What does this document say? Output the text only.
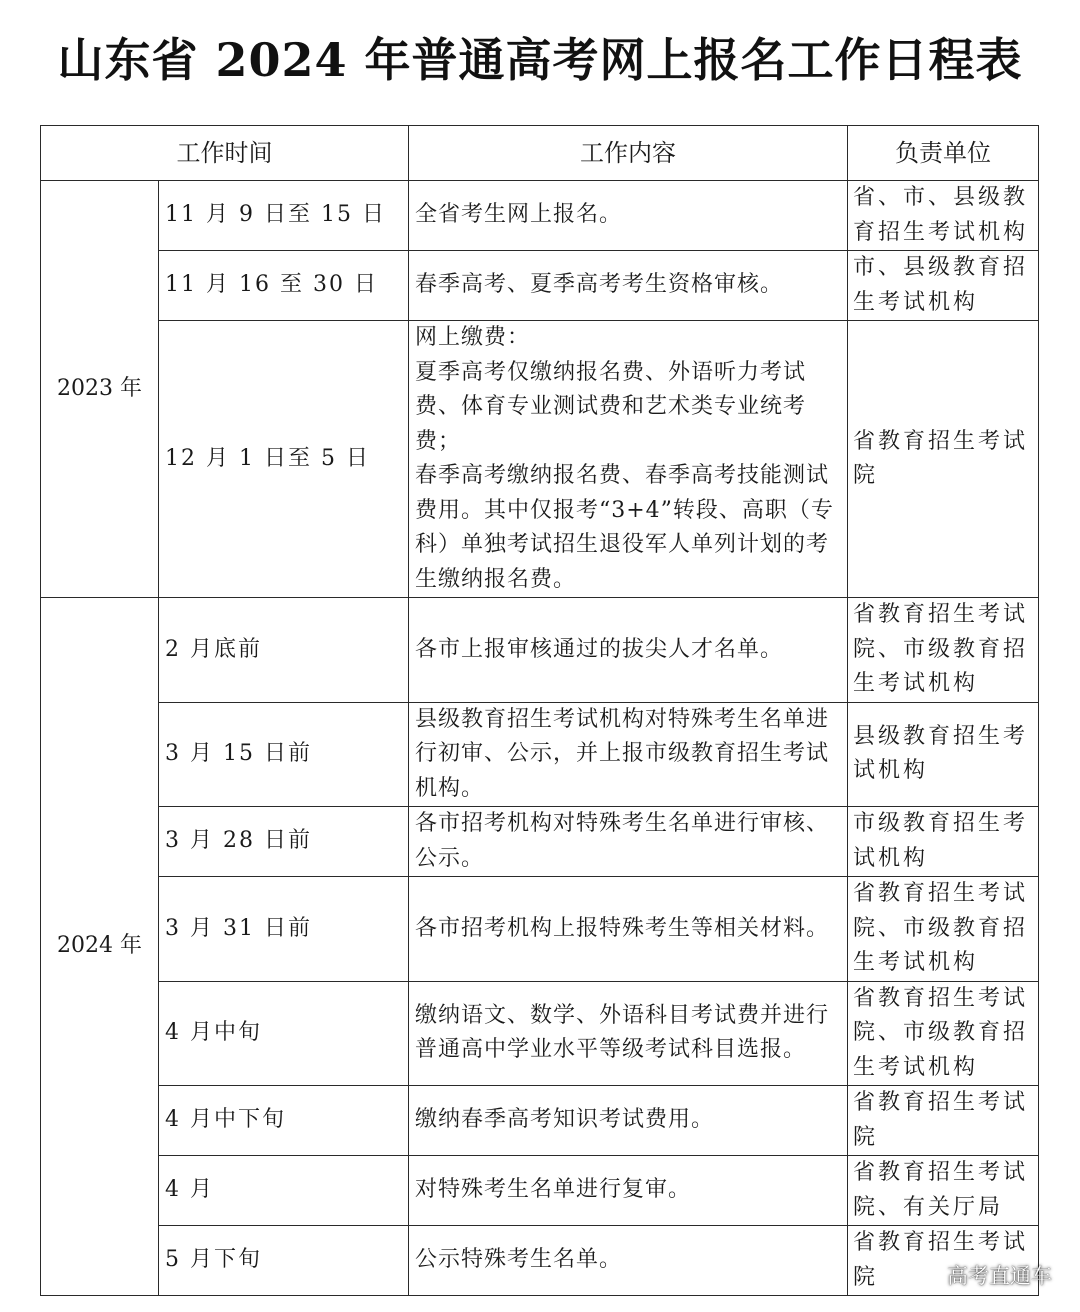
山东省 2024 年普通高考网上报名工作日程表
工作时间		工作内容	负责单位
2023 年	11 月 9 日至 15 日	全省考生网上报名。	省、市、县级教育招生考试机构
	11 月 16 至 30 日	春季高考、夏季高考考生资格审核。	市、县级教育招生考试机构
	12 月 1 日至 5 日	网上缴费：
夏季高考仅缴纳报名费、外语听力考试费、体育专业测试费和艺术类专业统考费；
春季高考缴纳报名费、春季高考技能测试费用。其中仅报考“3+4”转段、高职（专科）单独考试招生退役军人单列计划的考生缴纳报名费。	省教育招生考试院
2024 年	2 月底前	各市上报审核通过的拔尖人才名单。	省教育招生考试院、市级教育招生考试机构
	3 月 15 日前	县级教育招生考试机构对特殊考生名单进行初审、公示，并上报市级教育招生考试机构。	县级教育招生考试机构
	3 月 28 日前	各市招考机构对特殊考生名单进行审核、公示。	市级教育招生考试机构
	3 月 31 日前	各市招考机构上报特殊考生等相关材料。	省教育招生考试院、市级教育招生考试机构
	4 月中旬	缴纳语文、数学、外语科目考试费并进行普通高中学业水平等级考试科目选报。	省教育招生考试院、市级教育招生考试机构
	4 月中下旬	缴纳春季高考知识考试费用。	省教育招生考试院
	4 月	对特殊考生名单进行复审。	省教育招生考试院、有关厅局
	5 月下旬	公示特殊考生名单。	省教育招生考试院	高考直通车
